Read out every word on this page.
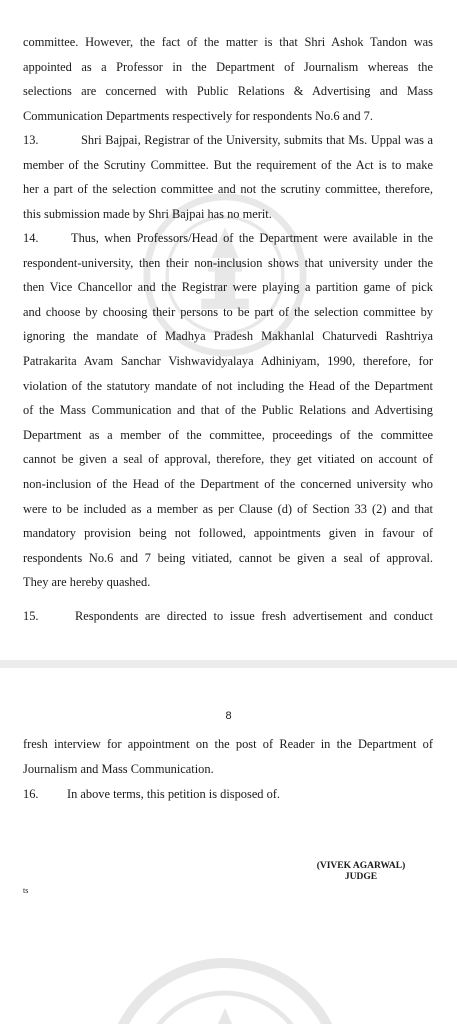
committee. However, the fact of the matter is that Shri Ashok Tandon was
appointed as a Professor in the Department of Journalism whereas the
selections are concerned with Public Relations & Advertising and Mass
Communication Departments respectively for respondents No.6 and 7.
13.	Shri Bajpai, Registrar of the University, submits that Ms. Uppal was a
member of the Scrutiny Committee. But the requirement of the Act is to make
her a part of the selection committee and not the scrutiny committee, therefore,
this submission made by Shri Bajpai has no merit.
14.	Thus, when Professors/Head of the Department were available in the
respondent-university, then their non-inclusion shows that university under the
then Vice Chancellor and the Registrar were playing a partition game of pick
and choose by choosing their persons to be part of the selection committee by
ignoring the mandate of Madhya Pradesh Makhanlal Chaturvedi Rashtriya
Patrakarita Avam Sanchar Vishwavidyalaya Adhiniyam, 1990, therefore, for
violation of the statutory mandate of not including the Head of the Department
of the Mass Communication and that of the Public Relations and Advertising
Department as a member of the committee, proceedings of the committee
cannot be given a seal of approval, therefore, they get vitiated on account of
non-inclusion of the Head of the Department of the concerned university who
were to be included as a member as per Clause (d) of Section 33 (2) and that
mandatory provision being not followed, appointments given in favour of
respondents No.6 and 7 being vitiated, cannot be given a seal of approval.
They are hereby quashed.
15.	Respondents are directed to issue fresh advertisement and conduct
8
fresh interview for appointment on the post of Reader in the Department of
Journalism and Mass Communication.
16. In above terms, this petition is disposed of.
(VIVEK AGARWAL)
JUDGE
ts
